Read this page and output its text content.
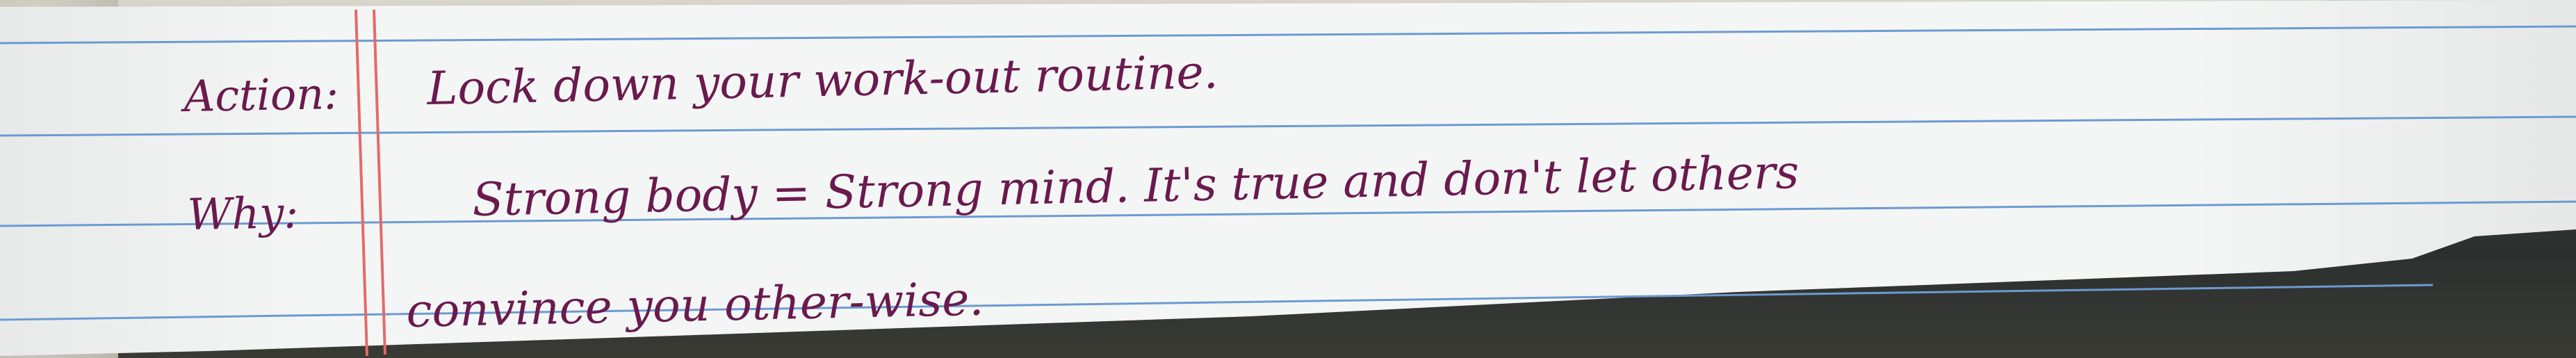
Action: Lock down your work-out routine.
Why:	Strong body = Strong mind. It's true and don't let others
convince you other-wise.
